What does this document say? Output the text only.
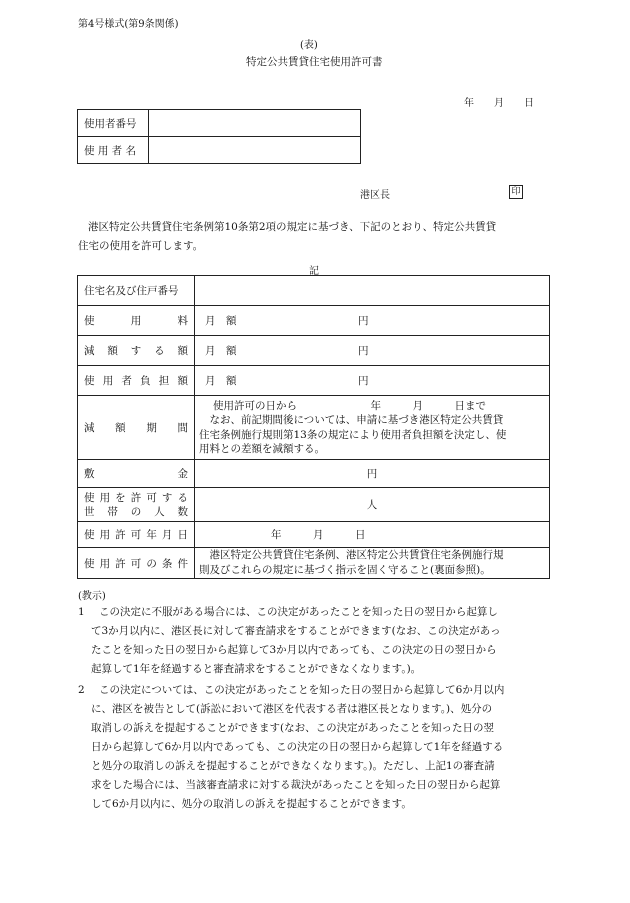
第4号様式(第9条関係)
(表)
特定公共賃貸住宅使用許可書
年　　月　　日
使用者番号	
使 用 者 名	
港区長	印
港区特定公共賃貸住宅条例第10条第2項の規定に基づき、下記のとおり、特定公共賃貸
住宅の使用を許可します。
記
住宅名及び住戸番号	
使用料	月　額 円
減額する額	月　額 円
使用者負担額	月　額 円
減額期間	使用許可の日から　　　　　　　年　　　月　　　日まで
　なお、前記期間後については、申請に基づき港区特定公共賃貸
住宅条例施行規則第13条の規定により使用者負担額を決定し、使
用料との差額を減額する。

敷金	円

使用を許可する
世帯の人数	人
使用許可年月日	年　　　月　　　日
使用許可の条件	　港区特定公共賃貸住宅条例、港区特定公共賃貸住宅条例施行規
則及びこれらの規定に基づく指示を固く守ること(裏面参照)。
(教示)
1 この決定に不服がある場合には、この決定があったことを知った日の翌日から起算し
て3か月以内に、港区長に対して審査請求をすることができます(なお、この決定があっ
たことを知った日の翌日から起算して3か月以内であっても、この決定の日の翌日から
起算して1年を経過すると審査請求をすることができなくなります。)。
2 この決定については、この決定があったことを知った日の翌日から起算して6か月以内
に、港区を被告として(訴訟において港区を代表する者は港区長となります。)、処分の
取消しの訴えを提起することができます(なお、この決定があったことを知った日の翌
日から起算して6か月以内であっても、この決定の日の翌日から起算して1年を経過する
と処分の取消しの訴えを提起することができなくなります。)。ただし、上記1の審査請
求をした場合には、当該審査請求に対する裁決があったことを知った日の翌日から起算
して6か月以内に、処分の取消しの訴えを提起することができます。
